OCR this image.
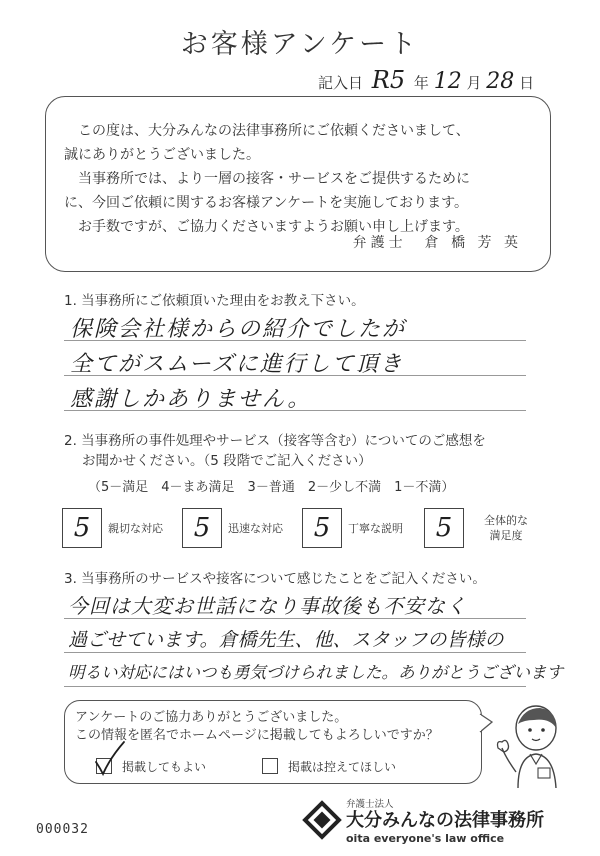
お客様アンケート
記入日 R5 年 12 月 28 日

この度は、大分みんなの法律事務所にご依頼くださいまして、

誠にありがとうございました。

当事務所では、より一層の接客・サービスをご提供するために

に、今回ご依頼に関するお客様アンケートを実施しております。

お手数ですが、ご協力くださいますようお願い申し上げます。

弁護士　倉 橋 芳 英
1. 当事務所にご依頼頂いた理由をお教え下さい。
保険会社様からの紹介でしたが
全てがスムーズに進行して頂き
感謝しかありません。
2. 当事務所の事件処理やサービス（接客等含む）についてのご感想を
お聞かせください。（5 段階でご記入ください）
（5－満足　4－まあ満足　3－普通　2－少し不満　1－不満）
5	親切な対応	5	迅速な対応	5	丁寧な説明	5	全体的な
満足度
3. 当事務所のサービスや接客について感じたことをご記入ください。
今回は大変お世話になり事故後も不安なく
過ごせています。倉橋先生、他、スタッフの皆様の
明るい対応にはいつも勇気づけられました。ありがとうございます
アンケートのご協力ありがとうございました。
この情報を匿名でホームページに掲載してもよろしいですか？
掲載してもよい	掲載は控えてほしい
000032
弁護士法人
大分みんなの法律事務所
oita everyone's law office
